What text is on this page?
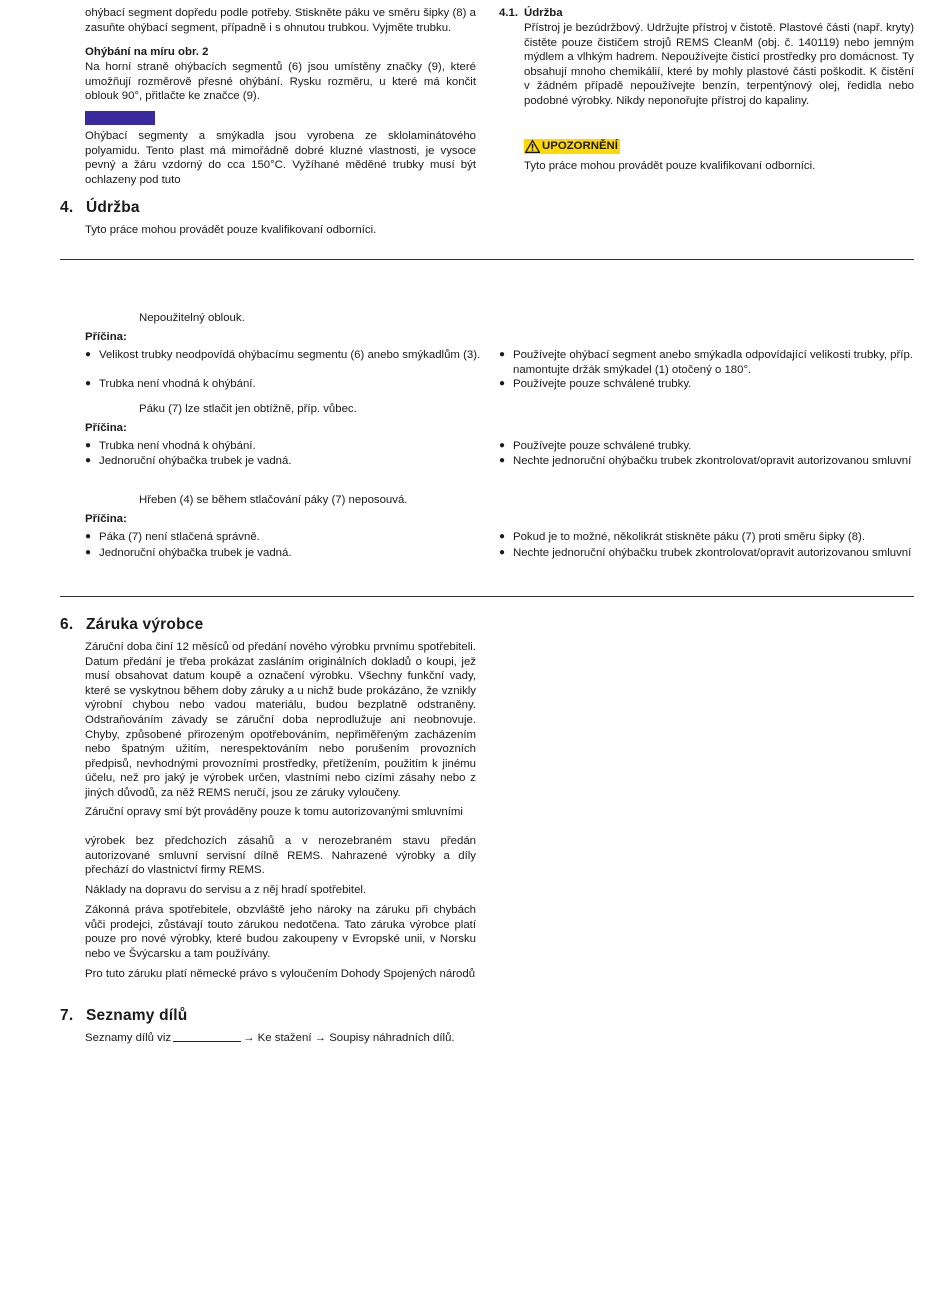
ohýbací segment dopředu podle potřeby. Stiskněte páku ve směru šipky (8) a zasuňte ohýbací segment, případně i s ohnutou trubkou. Vyjměte trubku.

Ohýbání na míru obr. 2

Na horní straně ohýbacích segmentů (6) jsou umístěny značky (9), které umožňují rozměrově přesné ohýbání. Rysku rozměru, u které má končit oblouk 90°, přitlačte ke značce (9).

Ohýbací segmenty a smýkadla jsou vyrobena ze sklolaminátového polyamidu. Tento plast má mimořádně dobré kluzné vlastnosti, je vysoce pevný a žáru vzdorný do cca 150°C. Vyžíhané měděné trubky musí být ochlazeny pod tuto

4.1. Údržba

Přístroj je bezúdržbový. Udržujte přístroj v čistotě. Plastové části (např. kryty) čistěte pouze čističem strojů REMS CleanM (obj. č. 140119) nebo jemným mýdlem a vlhkým hadrem. Nepoužívejte čisticí prostředky pro domácnost. Ty obsahují mnoho chemikálií, které by mohly plastové části poškodit. K čistění v žádném případě nepoužívejte benzín, terpentýnový olej, ředidla nebo podobné výrobky. Nikdy neponořujte přístroj do kapaliny.

UPOZORNĚNÍ

Tyto práce mohou provádět pouze kvalifikovaní odborníci.

4. Údržba

Tyto práce mohou provádět pouze kvalifikovaní odborníci.

Nepoužitelný oblouk.
Příčina:
● Velikost trubky neodpovídá ohýbacímu segmentu (6) anebo smýkadlům (3).
● Trubka není vhodná k ohýbání.
● Používejte ohýbací segment anebo smýkadla odpovídající velikosti trubky, příp. namontujte držák smýkadel (1) otočený o 180°.
● Používejte pouze schválené trubky.
Páku (7) lze stlačit jen obtížně, příp. vůbec.
Příčina:
● Trubka není vhodná k ohýbání.
● Jednoruční ohýbačka trubek je vadná.
● Používejte pouze schválené trubky.
● Nechte jednoruční ohýbačku trubek zkontrolovat/opravit autorizovanou smluvní
Hřeben (4) se během stlačování páky (7) neposouvá.
Příčina:
● Páka (7) není stlačená správně.
● Jednoruční ohýbačka trubek je vadná.
● Pokud je to možné, několikrát stiskněte páku (7) proti směru šipky (8).
● Nechte jednoruční ohýbačku trubek zkontrolovat/opravit autorizovanou smluvní
6. Záruka výrobce

Záruční doba činí 12 měsíců od předání nového výrobku prvnímu spotřebiteli. Datum předání je třeba prokázat zasláním originálních dokladů o koupi, jež musí obsahovat datum koupě a označení výrobku. Všechny funkční vady, které se vyskytnou během doby záruky a u nichž bude prokázáno, že vznikly výrobní chybou nebo vadou materiálu, budou bezplatně odstraněny. Odstraňováním závady se záruční doba neprodlužuje ani neobnovuje. Chyby, způsobené přirozeným opotřebováním, nepřiměřeným zacházením nebo špatným užitím, nerespektováním nebo porušením provozních předpisů, nevhodnými provozními prostředky, přetížením, použitím k jinému účelu, než pro jaký je výrobek určen, vlastními nebo cizími zásahy nebo z jiných důvodů, za něž REMS neručí, jsou ze záruky vyloučeny.

Záruční opravy smí být prováděny pouze k tomu autorizovanými smluvními

výrobek bez předchozích zásahů a v nerozebraném stavu předán autorizované smluvní servisní dílně REMS. Nahrazené výrobky a díly přechází do vlastnictví firmy REMS.

Náklady na dopravu do servisu a z něj hradí spotřebitel.

Zákonná práva spotřebitele, obzvláště jeho nároky na záruku při chybách vůči prodejci, zůstávají touto zárukou nedotčena. Tato záruka výrobce platí pouze pro nové výrobky, které budou zakoupeny v Evropské unii, v Norsku nebo ve Švýcarsku a tam používány.

Pro tuto záruku platí německé právo s vyloučením Dohody Spojených národů

7. Seznamy dílů

Seznamy dílů viz	→ Ke stažení → Soupisy náhradních dílů.
